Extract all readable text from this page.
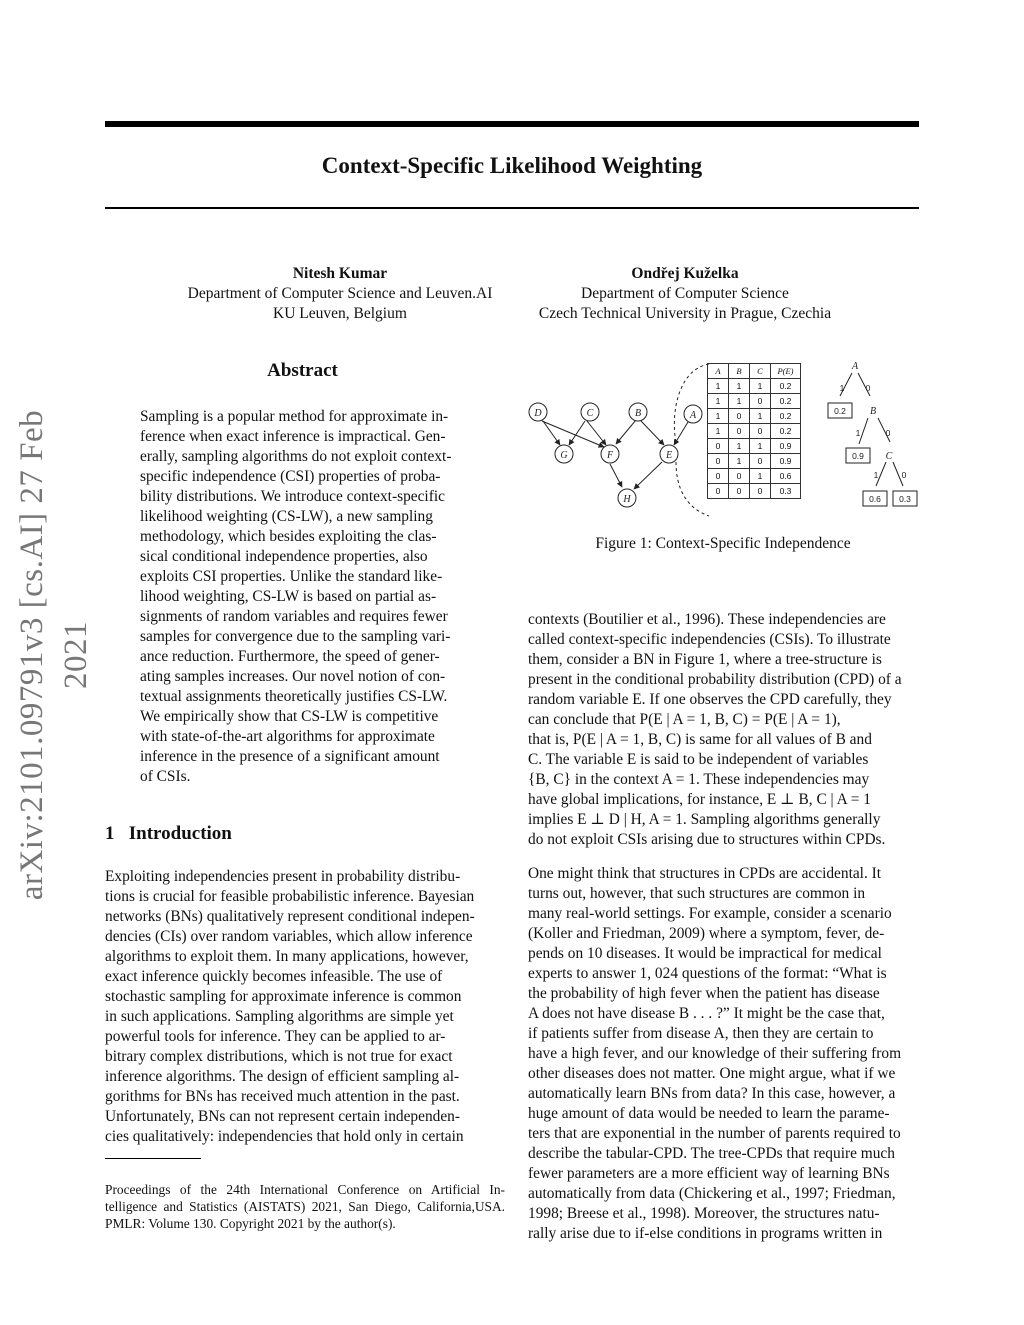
arXiv:2101.09791v3 [cs.AI] 27 Feb 2021
Context-Specific Likelihood Weighting
Nitesh Kumar
Department of Computer Science and Leuven.AI
KU Leuven, Belgium
Ondřej Kuželka
Department of Computer Science
Czech Technical University in Prague, Czechia
Abstract
Sampling is a popular method for approximate in-
ference when exact inference is impractical. Gen-
erally, sampling algorithms do not exploit context-
specific independence (CSI) properties of proba-
bility distributions. We introduce context-specific
likelihood weighting (CS-LW), a new sampling
methodology, which besides exploiting the clas-
sical conditional independence properties, also
exploits CSI properties. Unlike the standard like-
lihood weighting, CS-LW is based on partial as-
signments of random variables and requires fewer
samples for convergence due to the sampling vari-
ance reduction. Furthermore, the speed of gener-
ating samples increases. Our novel notion of con-
textual assignments theoretically justifies CS-LW.
We empirically show that CS-LW is competitive
with state-of-the-art algorithms for approximate
inference in the presence of a significant amount
of CSIs.
1 Introduction
Exploiting independencies present in probability distribu-
tions is crucial for feasible probabilistic inference. Bayesian
networks (BNs) qualitatively represent conditional indepen-
dencies (CIs) over random variables, which allow inference
algorithms to exploit them. In many applications, however,
exact inference quickly becomes infeasible. The use of
stochastic sampling for approximate inference is common
in such applications. Sampling algorithms are simple yet
powerful tools for inference. They can be applied to ar-
bitrary complex distributions, which is not true for exact
inference algorithms. The design of efficient sampling al-
gorithms for BNs has received much attention in the past.
Unfortunately, BNs can not represent certain independen-
cies qualitatively: independencies that hold only in certain
Proceedings of the 24th International Conference on Artificial In-telligence and Statistics (AISTATS) 2021, San Diego, California,USA. PMLR: Volume 130. Copyright 2021 by the author(s).
D	C	B	A
G	F	E
H
0.2
0.9
0.6 0.3
1	0
1	0
1	0
A
B
C
A	B	C	P(E)
1	1	1	0.2
1	1	0	0.2
1	0	1	0.2
1	0	0	0.2
0	1	1	0.9
0	1	0	0.9
0	0	1	0.6
0	0	0	0.3
Figure 1: Context-Specific Independence

contexts (Boutilier et al., 1996). These independencies are
called context-specific independencies (CSIs). To illustrate
them, consider a BN in Figure 1, where a tree-structure is
present in the conditional probability distribution (CPD) of a
random variable E. If one observes the CPD carefully, they
can conclude that P(E | A = 1, B, C) = P(E | A = 1),
that is, P(E | A = 1, B, C) is same for all values of B and
C. The variable E is said to be independent of variables
{B, C} in the context A = 1. These independencies may
have global implications, for instance, E ⊥ B, C | A = 1
implies E ⊥ D | H, A = 1. Sampling algorithms generally
do not exploit CSIs arising due to structures within CPDs.

One might think that structures in CPDs are accidental. It
turns out, however, that such structures are common in
many real-world settings. For example, consider a scenario
(Koller and Friedman, 2009) where a symptom, fever, de-
pends on 10 diseases. It would be impractical for medical
experts to answer 1, 024 questions of the format: “What is
the probability of high fever when the patient has disease
A does not have disease B . . . ?” It might be the case that,
if patients suffer from disease A, then they are certain to
have a high fever, and our knowledge of their suffering from
other diseases does not matter. One might argue, what if we
automatically learn BNs from data? In this case, however, a
huge amount of data would be needed to learn the parame-
ters that are exponential in the number of parents required to
describe the tabular-CPD. The tree-CPDs that require much
fewer parameters are a more efficient way of learning BNs
automatically from data (Chickering et al., 1997; Friedman,
1998; Breese et al., 1998). Moreover, the structures natu-
rally arise due to if-else conditions in programs written in
